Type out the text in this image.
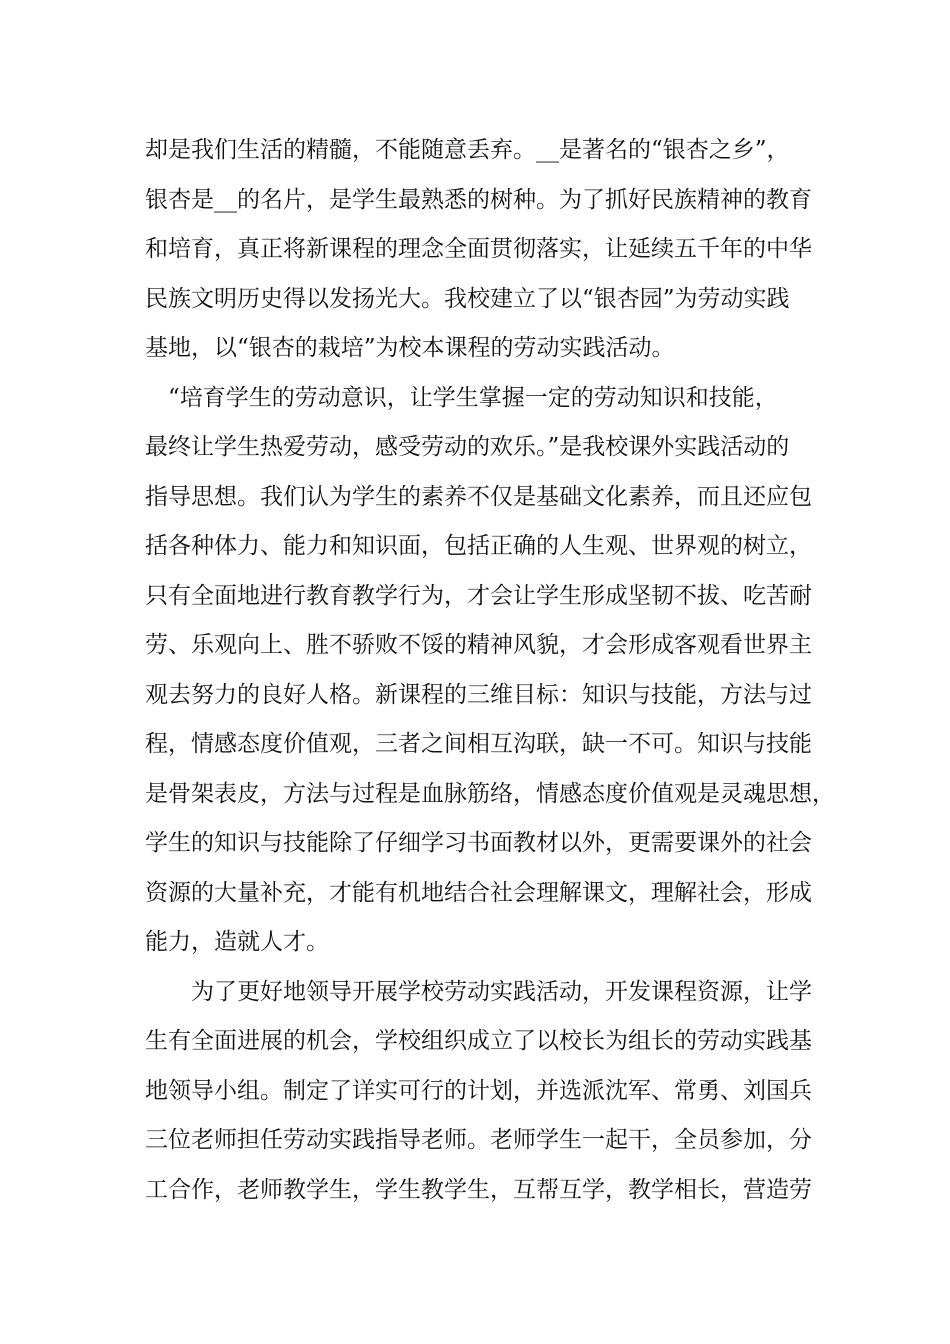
却是我们生活的精髓，不能随意丢弃。__是著名的“银杏之乡”，
银杏是__的名片，是学生最熟悉的树种。为了抓好民族精神的教育
和培育，真正将新课程的理念全面贯彻落实，让延续五千年的中华
民族文明历史得以发扬光大。我校建立了以“银杏园”为劳动实践
基地，以“银杏的栽培”为校本课程的劳动实践活动。
　“培育学生的劳动意识，让学生掌握一定的劳动知识和技能，
最终让学生热爱劳动，感受劳动的欢乐。”是我校课外实践活动的
指导思想。我们认为学生的素养不仅是基础文化素养，而且还应包
括各种体力、能力和知识面，包括正确的人生观、世界观的树立，
只有全面地进行教育教学行为，才会让学生形成坚韧不拔、吃苦耐
劳、乐观向上、胜不骄败不馁的精神风貌，才会形成客观看世界主
观去努力的良好人格。新课程的三维目标：知识与技能，方法与过
程，情感态度价值观，三者之间相互沟联，缺一不可。知识与技能
是骨架表皮，方法与过程是血脉筋络，情感态度价值观是灵魂思想，
学生的知识与技能除了仔细学习书面教材以外，更需要课外的社会
资源的大量补充，才能有机地结合社会理解课文，理解社会，形成
能力，造就人才。
　　为了更好地领导开展学校劳动实践活动，开发课程资源，让学
生有全面进展的机会，学校组织成立了以校长为组长的劳动实践基
地领导小组。制定了详实可行的计划，并选派沈军、常勇、刘国兵
三位老师担任劳动实践指导老师。老师学生一起干，全员参加，分
工合作，老师教学生，学生教学生，互帮互学，教学相长，营造劳
